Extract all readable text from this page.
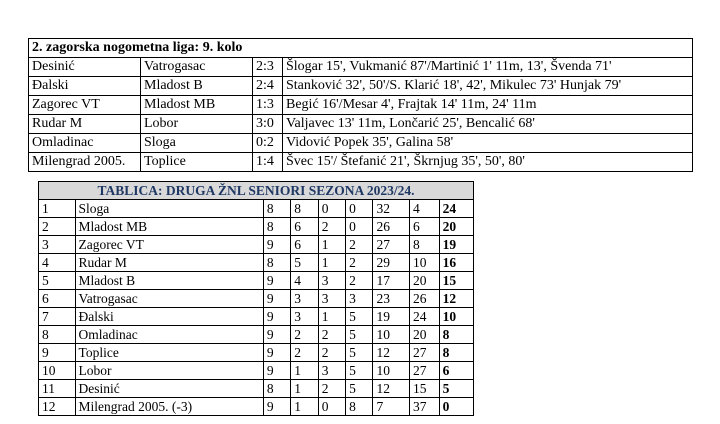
2. zagorska nogometna liga: 9. kolo			
Desinić	Vatrogasac	2:3	Šlogar 15', Vukmanić 87'/Martinić 1' 11m, 13', Švenda 71'
Đalski	Mladost B	2:4	Stanković 32', 50'/S. Klarić 18', 42', Mikulec 73' Hunjak 79'
Zagorec VT	Mladost MB	1:3	Begić 16'/Mesar 4', Frajtak 14' 11m, 24' 11m
Rudar M	Lobor	3:0	Valjavec 13' 11m, Lončarić 25', Bencalić 68'
Omladinac	Sloga	0:2	Vidović Popek 35', Galina 58'
Milengrad 2005.	Toplice	1:4	Švec 15'/ Štefanić 21', Škrnjug 35', 50', 80'
TABLICA: DRUGA ŽNL SENIORI SEZONA 2023/24.								
1	Sloga	8	8	0	0	32	4	24
2	Mladost MB	8	6	2	0	26	6	20
3	Zagorec VT	9	6	1	2	27	8	19
4	Rudar M	8	5	1	2	29	10	16
5	Mladost B	9	4	3	2	17	20	15
6	Vatrogasac	9	3	3	3	23	26	12
7	Đalski	9	3	1	5	19	24	10
8	Omladinac	9	2	2	5	10	20	8
9	Toplice	9	2	2	5	12	27	8
10	Lobor	9	1	3	5	10	27	6
11	Desinić	8	1	2	5	12	15	5
12	Milengrad 2005. (-3)	9	1	0	8	7	37	0
